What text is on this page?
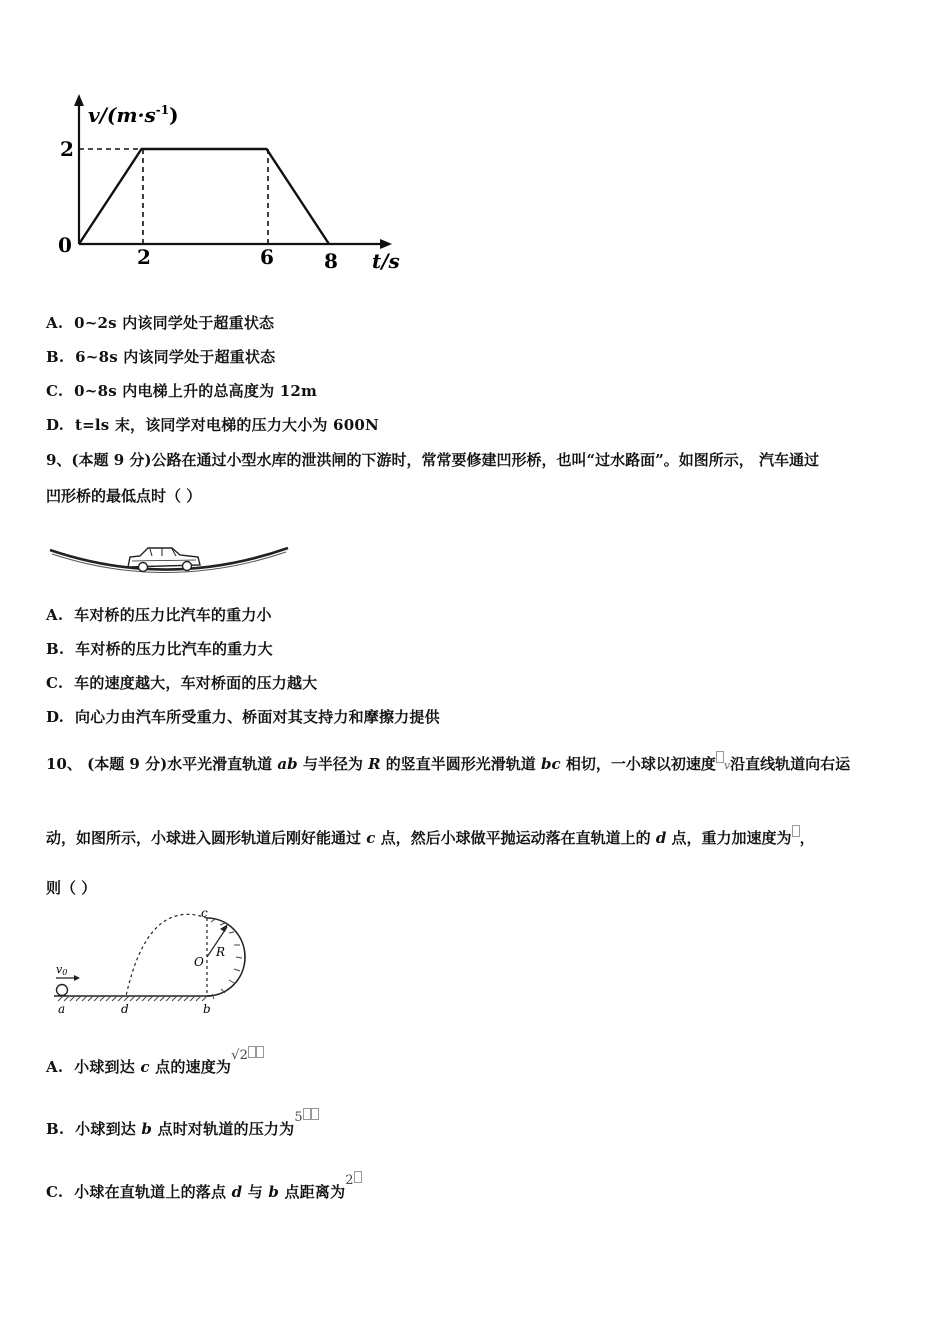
$v/(m\cdot s^{-1})$
2
0	2	6	8 t/s
A. 0~2s 内该同学处于超重状态
B. 6~8s 内该同学处于超重状态
C. 0~8s 内电梯上升的总高度为 12m
D. t=ls 末，该同学对电梯的压力大小为 600N
9、(本题 9 分)公路在通过小型水库的泄洪闸的下游时，常常要修建凹形桥，也叫“过水路面”。如图所示， 汽车通过
凹形桥的最低点时（ ）
A. 车对桥的压力比汽车的重力小
B. 车对桥的压力比汽车的重力大
C. 车的速度越大，车对桥面的压力越大
D. 向心力由汽车所受重力、桥面对其支持力和摩擦力提供
10、 (本题 9 分)水平光滑直轨道 ab 与半径为 R 的竖直半圆形光滑轨道 bc 相切，一小球以初速度 v沿直线轨道向右运
动，如图所示，小球进入圆形轨道后刚好能通过 c 点，然后小球做平抛运动落在直轨道上的 d 点，重力加速度为 ，
则（ ）
v0
c
O
R
a	d	b
A. 小球到达 c 点的速度为√2
B. 小球到达 b 点时对轨道的压力为5
C. 小球在直轨道上的落点 d 与 b 点距离为2
